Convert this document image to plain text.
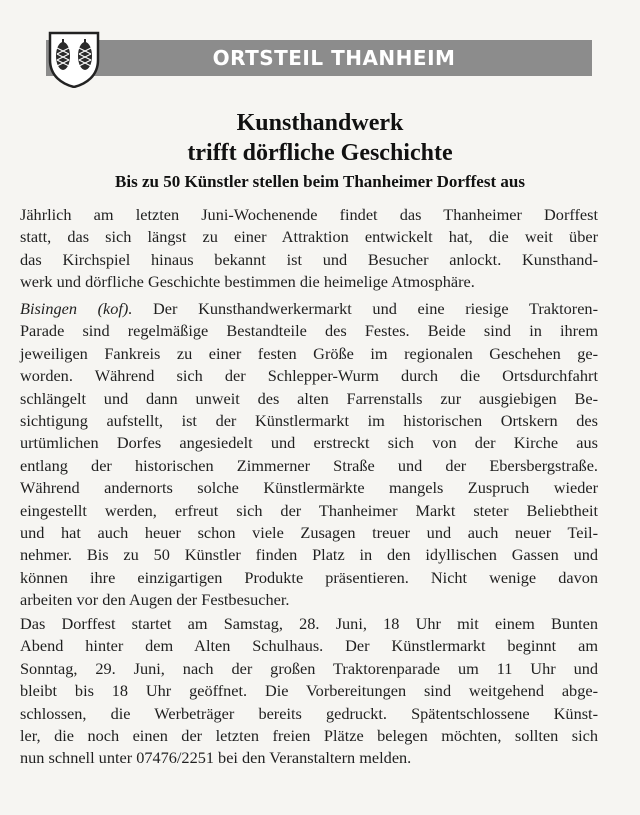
ORTSTEIL THANHEIM
Kunsthandwerk
trifft dörfliche Geschichte
Bis zu 50 Künstler stellen beim Thanheimer Dorffest aus
Jährlich am letzten Juni-Wochenende findet das Thanheimer Dorffest
statt, das sich längst zu einer Attraktion entwickelt hat, die weit über
das Kirchspiel hinaus bekannt ist und Besucher anlockt. Kunsthand-
werk und dörfliche Geschichte bestimmen die heimelige Atmosphäre.
Bisingen (kof). Der Kunsthandwerkermarkt und eine riesige Traktoren-
Parade sind regelmäßige Bestandteile des Festes. Beide sind in ihrem
jeweiligen Fankreis zu einer festen Größe im regionalen Geschehen ge-
worden. Während sich der Schlepper-Wurm durch die Ortsdurchfahrt
schlängelt und dann unweit des alten Farrenstalls zur ausgiebigen Be-
sichtigung aufstellt, ist der Künstlermarkt im historischen Ortskern des
urtümlichen Dorfes angesiedelt und erstreckt sich von der Kirche aus
entlang der historischen Zimmerner Straße und der Ebersbergstraße.
Während andernorts solche Künstlermärkte mangels Zuspruch wieder
eingestellt werden, erfreut sich der Thanheimer Markt steter Beliebtheit
und hat auch heuer schon viele Zusagen treuer und auch neuer Teil-
nehmer. Bis zu 50 Künstler finden Platz in den idyllischen Gassen und
können ihre einzigartigen Produkte präsentieren. Nicht wenige davon
arbeiten vor den Augen der Festbesucher.
Das Dorffest startet am Samstag, 28. Juni, 18 Uhr mit einem Bunten
Abend hinter dem Alten Schulhaus. Der Künstlermarkt beginnt am
Sonntag, 29. Juni, nach der großen Traktorenparade um 11 Uhr und
bleibt bis 18 Uhr geöffnet. Die Vorbereitungen sind weitgehend abge-
schlossen, die Werbeträger bereits gedruckt. Spätentschlossene Künst-
ler, die noch einen der letzten freien Plätze belegen möchten, sollten sich
nun schnell unter 07476/2251 bei den Veranstaltern melden.
